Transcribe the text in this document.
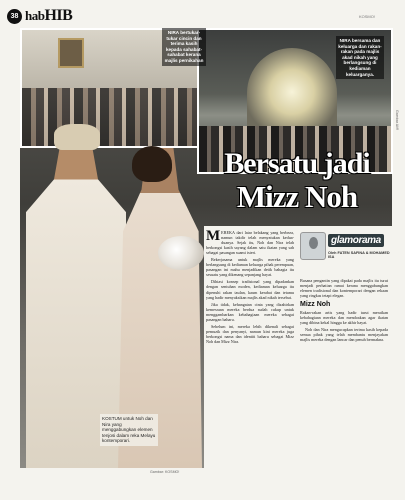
38 habHIB	KOSMO!
NIRA bertukar-tukar cincin dan terima kasih kepada sahabat-sahabat kerana majlis pernikahan
NIRA bersama dan keluarga dan rakan-rakan pada majlis akad nikah yang berlangsung di kediaman keluarganya.
KOSTUM untuk Noh dan Nira yang menggabungkan elemen tenjosi dalam reka Melayu kontemporari.
Gambar: KOSMO!
Gambar Aliff
Bersatu jadi
Mizz Noh

MEREKA dari latar belakang yang berbeza, namun takdir telah menyatukan kedua-duanya. Sejak itu, Noh dan Nira telah berkongsi kasih sayang dalam satu ikatan yang sah sebagai pasangan suami isteri.

Bekerjasama untuk majlis mereka yang berlangsung di kediaman keluarga pihak perempuan, pasangan ini mahu menjadikan detik bahagia itu sesuatu yang dikenang sepanjang hayat.

Dihiasi konsep tradisional yang dipadankan dengan sentuhan moden, kediaman keluarga itu dipenuhi rakan taulan, kaum kerabat dan tetamu yang hadir menyaksikan majlis akad nikah tersebut.

Jika tidak, kehangatan cinta yang dizahirkan kemesraan mereka berdua sudah cukup untuk menggambarkan kebahagiaan mereka sebagai pasangan baharu.

Sebelum ini, mereka lebih dikenali sebagai pemuzik dan penyanyi, namun kini mereka juga berkongsi nama dan identiti baharu sebagai Mizz Noh dan Mizz Nira.

glamorama
Oleh FATEN SAFINA & MOHAMED ISA

Busana pengantin yang dipakai pada majlis itu turut menjadi perhatian ramai kerana menggabungkan elemen tradisional dan kontemporari dengan rekaan yang ringkas tetapi elegan.

Mizz Noh

Rakan-rakan artis yang hadir turut meraikan kebahagiaan mereka dan mendoakan agar ikatan yang dibina kekal hingga ke akhir hayat.

Noh dan Nira mengucapkan terima kasih kepada semua pihak yang telah membantu menjayakan majlis mereka dengan lancar dan penuh bermakna.
